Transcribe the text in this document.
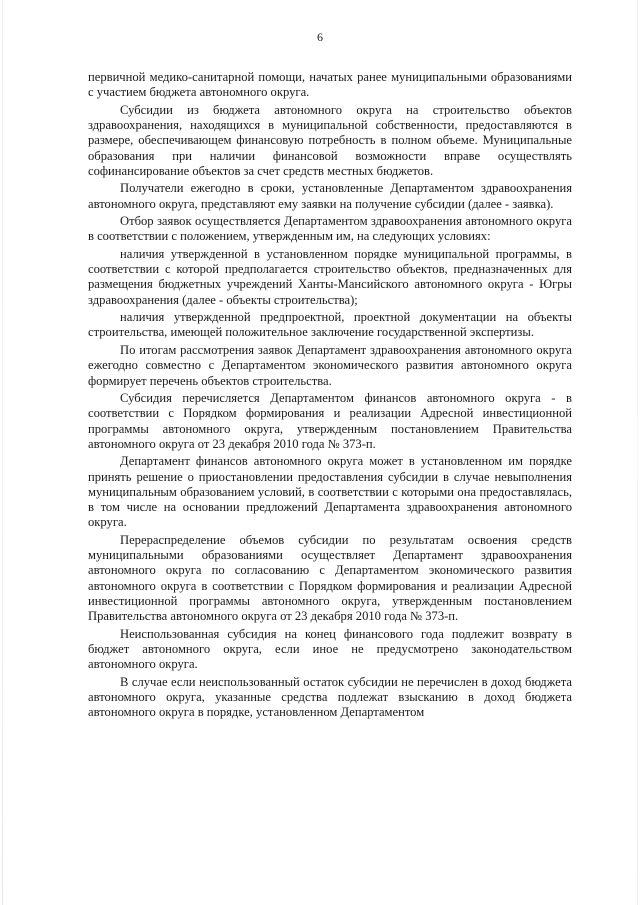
6

первичной медико-санитарной помощи, начатых ранее муниципальными образованиями с участием бюджета автономного округа.

Субсидии из бюджета автономного округа на строительство объектов здравоохранения, находящихся в муниципальной собственности, предоставляются в размере, обеспечивающем финансовую потребность в полном объеме. Муниципальные образования при наличии финансовой возможности вправе осуществлять софинансирование объектов за счет средств местных бюджетов.

Получатели ежегодно в сроки, установленные Департаментом здравоохранения автономного округа, представляют ему заявки на получение субсидии (далее - заявка).

Отбор заявок осуществляется Департаментом здравоохранения автономного округа в соответствии с положением, утвержденным им, на следующих условиях:

наличия утвержденной в установленном порядке муниципальной программы, в соответствии с которой предполагается строительство объектов, предназначенных для размещения бюджетных учреждений Ханты-Мансийского автономного округа - Югры здравоохранения (далее - объекты строительства);

наличия утвержденной предпроектной, проектной документации на объекты строительства, имеющей положительное заключение государственной экспертизы.

По итогам рассмотрения заявок Департамент здравоохранения автономного округа ежегодно совместно с Департаментом экономического развития автономного округа формирует перечень объектов строительства.

Субсидия перечисляется Департаментом финансов автономного округа - в соответствии с Порядком формирования и реализации Адресной инвестиционной программы автономного округа, утвержденным постановлением Правительства автономного округа от 23 декабря 2010 года № 373-п.

Департамент финансов автономного округа может в установленном им порядке принять решение о приостановлении предоставления субсидии в случае невыполнения муниципальным образованием условий, в соответствии с которыми она предоставлялась, в том числе на основании предложений Департамента здравоохранения автономного округа.

Перераспределение объемов субсидии по результатам освоения средств муниципальными образованиями осуществляет Департамент здравоохранения автономного округа по согласованию с Департаментом экономического развития автономного округа в соответствии с Порядком формирования и реализации Адресной инвестиционной программы автономного округа, утвержденным постановлением Правительства автономного округа от 23 декабря 2010 года № 373-п.

Неиспользованная субсидия на конец финансового года подлежит возврату в бюджет автономного округа, если иное не предусмотрено законодательством автономного округа.

В случае если неиспользованный остаток субсидии не перечислен в доход бюджета автономного округа, указанные средства подлежат взысканию в доход бюджета автономного округа в порядке, установленном Департаментом
